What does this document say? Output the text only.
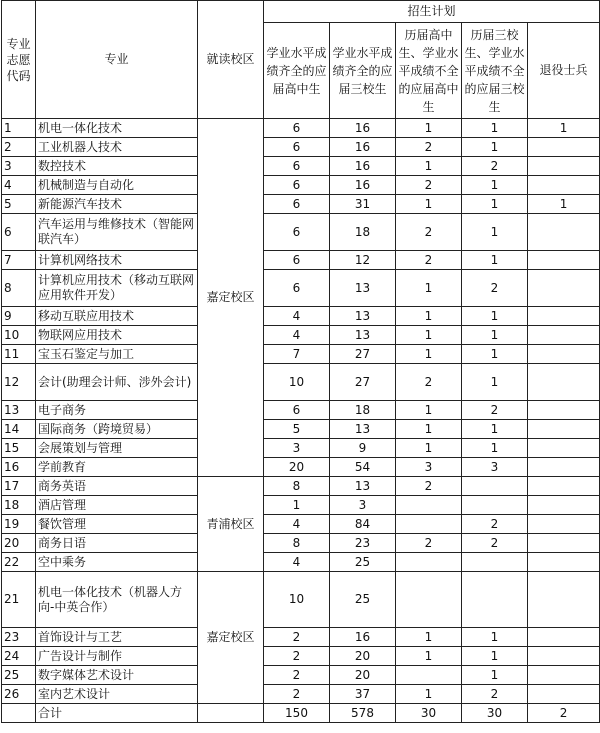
专业志愿代码	专业	就读校区	招生计划				
			学业水平成绩齐全的应届高中生	学业水平成绩齐全的应届三校生	历届高中生、学业水平成绩不全的应届高中生	历届三校生、学业水平成绩不全的应届三校生	退役士兵
1	机电一体化技术	嘉定校区	6	16	1	1	1
2	工业机器人技术		6	16	2	1	
3	数控技术		6	16	1	2	
4	机械制造与自动化		6	16	2	1	
5	新能源汽车技术		6	31	1	1	1
6	汽车运用与维修技术（智能网联汽车）		6	18	2	1	
7	计算机网络技术		6	12	2	1	
8	计算机应用技术（移动互联网应用软件开发）		6	13	1	2	
9	移动互联应用技术		4	13	1	1	
10	物联网应用技术		4	13	1	1	
11	宝玉石鉴定与加工		7	27	1	1	
12	会计(助理会计师、涉外会计)		10	27	2	1	
13	电子商务		6	18	1	2	
14	国际商务（跨境贸易）		5	13	1	1	
15	会展策划与管理		3	9	1	1	
16	学前教育		20	54	3	3	
17	商务英语	青浦校区	8	13	2		
18	酒店管理		1	3			
19	餐饮管理		4	84		2	
20	商务日语		8	23	2	2	
22	空中乘务		4	25			
21	机电一体化技术（机器人方向-中英合作）	嘉定校区	10	25			
23	首饰设计与工艺		2	16	1	1	
24	广告设计与制作		2	20	1	1	
25	数字媒体艺术设计		2	20		1	
26	室内艺术设计		2	37	1	2	
	合计		150	578	30	30	2
